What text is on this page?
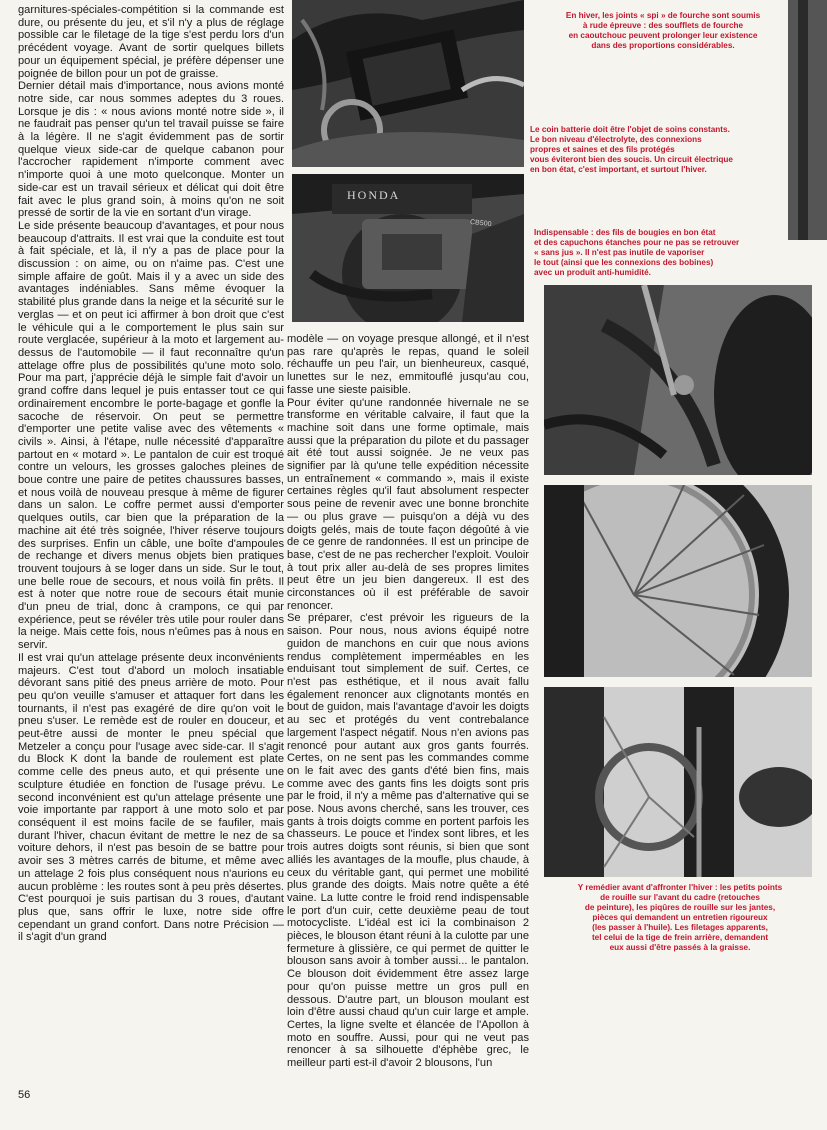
garnitures-spéciales-compétition si la commande est dure, ou présente du jeu, et s'il n'y a plus de réglage possible car le filetage de la tige s'est perdu lors d'un précédent voyage. Avant de sortir quelques billets pour un équipement spécial, je préfère dépenser une poignée de billon pour un pot de graisse.
Dernier détail mais d'importance, nous avions monté notre side, car nous sommes adeptes du 3 roues. Lorsque je dis : « nous avions monté notre side », il ne faudrait pas penser qu'un tel travail puisse se faire à la légère. Il ne s'agit évidemment pas de sortir quelque vieux side-car de quelque cabanon pour l'accrocher rapidement n'importe comment avec n'importe quoi à une moto quelconque. Monter un side-car est un travail sérieux et délicat qui doit être fait avec le plus grand soin, à moins qu'on ne soit pressé de sortir de la vie en sortant d'un virage.
Le side présente beaucoup d'avantages, et pour nous beaucoup d'attraits. Il est vrai que la conduite est tout à fait spéciale, et là, il n'y a pas de place pour la discussion : on aime, ou on n'aime pas. C'est une simple affaire de goût. Mais il y a avec un side des avantages indéniables. Sans même évoquer la stabilité plus grande dans la neige et la sécurité sur le verglas — et on peut ici affirmer à bon droit que c'est le véhicule qui a le comportement le plus sain sur route verglacée, supérieur à la moto et largement au-dessus de l'automobile — il faut reconnaître qu'un attelage offre plus de possibilités qu'une moto solo. Pour ma part, j'apprécie déjà le simple fait d'avoir un grand coffre dans lequel je puis entasser tout ce qui ordinairement encombre le porte-bagage et gonfle la sacoche de réservoir. On peut se permettre d'emporter une petite valise avec des vêtements « civils ». Ainsi, à l'étape, nulle nécessité d'apparaître partout en « motard ». Le pantalon de cuir est troqué contre un velours, les grosses galoches pleines de boue contre une paire de petites chaussures basses, et nous voilà de nouveau presque à même de figurer dans un salon. Le coffre permet aussi d'emporter quelques outils, car bien que la préparation de la machine ait été très soignée, l'hiver réserve toujours des surprises. Enfin un câble, une boîte d'ampoules de rechange et divers menus objets bien pratiques trouvent toujours à se loger dans un side. Sur le tout, une belle roue de secours, et nous voilà fin prêts. Il est à noter que notre roue de secours était munie d'un pneu de trial, donc à crampons, ce qui par expérience, peut se révéler très utile pour rouler dans la neige. Mais cette fois, nous n'eûmes pas à nous en servir.
Il est vrai qu'un attelage présente deux inconvénients majeurs. C'est tout d'abord un moloch insatiable dévorant sans pitié des pneus arrière de moto. Pour peu qu'on veuille s'amuser et attaquer fort dans les tournants, il n'est pas exagéré de dire qu'on voit le pneu s'user. Le remède est de rouler en douceur, et peut-être aussi de monter le pneu spécial que Metzeler a conçu pour l'usage avec side-car. Il s'agit du Block K dont la bande de roulement est plate comme celle des pneus auto, et qui présente une sculpture étudiée en fonction de l'usage prévu. Le second inconvénient est qu'un attelage présente une voie importante par rapport à une moto solo et par conséquent il est moins facile de se faufiler, mais durant l'hiver, chacun évitant de mettre le nez de sa voiture dehors, il n'est pas besoin de se battre pour avoir ses 3 mètres carrés de bitume, et même avec un attelage 2 fois plus conséquent nous n'aurions eu aucun problème : les routes sont à peu près désertes. C'est pourquoi je suis partisan du 3 roues, d'autant plus que, sans offrir le luxe, notre side offre cependant un grand confort. Dans notre Précision — il s'agit d'un grand
modèle — on voyage presque allongé, et il n'est pas rare qu'après le repas, quand le soleil réchauffe un peu l'air, un bienheureux, casqué, lunettes sur le nez, emmitouflé jusqu'au cou, fasse une sieste paisible.
Pour éviter qu'une randonnée hivernale ne se transforme en véritable calvaire, il faut que la machine soit dans une forme optimale, mais aussi que la préparation du pilote et du passager ait été tout aussi soignée. Je ne veux pas signifier par là qu'une telle expédition nécessite un entraînement « commando », mais il existe certaines règles qu'il faut absolument respecter sous peine de revenir avec une bonne bronchite — ou plus grave — puisqu'on a déjà vu des doigts gelés, mais de toute façon dégoûté à vie de ce genre de randonnées. Il est un principe de base, c'est de ne pas rechercher l'exploit. Vouloir à tout prix aller au-delà de ses propres limites peut être un jeu bien dangereux. Il est des circonstances où il est préférable de savoir renoncer.
Se préparer, c'est prévoir les rigueurs de la saison. Pour nous, nous avions équipé notre guidon de manchons en cuir que nous avions rendus complètement imperméables en les enduisant tout simplement de suif. Certes, ce n'est pas esthétique, et il nous avait fallu également renoncer aux clignotants montés en bout de guidon, mais l'avantage d'avoir les doigts au sec et protégés du vent contrebalance largement l'aspect négatif. Nous n'en avions pas renoncé pour autant aux gros gants fourrés. Certes, on ne sent pas les commandes comme on le fait avec des gants d'été bien fins, mais comme avec des gants fins les doigts sont pris par le froid, il n'y a même pas d'alternative qui se pose. Nous avons cherché, sans les trouver, ces gants à trois doigts comme en portent parfois les chasseurs. Le pouce et l'index sont libres, et les trois autres doigts sont réunis, si bien que sont alliés les avantages de la moufle, plus chaude, à ceux du véritable gant, qui permet une mobilité plus grande des doigts. Mais notre quête a été vaine. La lutte contre le froid rend indispensable le port d'un cuir, cette deuxième peau de tout motocycliste. L'idéal est ici la combinaison 2 pièces, le blouson étant réuni à la culotte par une fermeture à glissière, ce qui permet de quitter le blouson sans avoir à tomber aussi... le pantalon. Ce blouson doit évidemment être assez large pour qu'on puisse mettre un gros pull en dessous. D'autre part, un blouson moulant est loin d'être aussi chaud qu'un cuir large et ample. Certes, la ligne svelte et élancée de l'Apollon à moto en souffre. Aussi, pour qui ne veut pas renoncer à sa silhouette d'éphèbe grec, le meilleur parti est-il d'avoir 2 blousons, l'un
56
HONDA
CB500
En hiver, les joints « spi » de fourche sont soumis
à rude épreuve : des soufflets de fourche
en caoutchouc peuvent prolonger leur existence
dans des proportions considérables.
Le coin batterie doit être l'objet de soins constants.
Le bon niveau d'électrolyte, des connexions
propres et saines et des fils protégés
vous éviteront bien des soucis. Un circuit électrique
en bon état, c'est important, et surtout l'hiver.
Indispensable : des fils de bougies en bon état
et des capuchons étanches pour ne pas se retrouver
« sans jus ». Il n'est pas inutile de vaporiser
le tout (ainsi que les connexions des bobines)
avec un produit anti-humidité.
Y remédier avant d'affronter l'hiver : les petits points
de rouille sur l'avant du cadre (retouches
de peinture), les piqûres de rouille sur les jantes,
pièces qui demandent un entretien rigoureux
(les passer à l'huile). Les filetages apparents,
tel celui de la tige de frein arrière, demandent
eux aussi d'être passés à la graisse.
